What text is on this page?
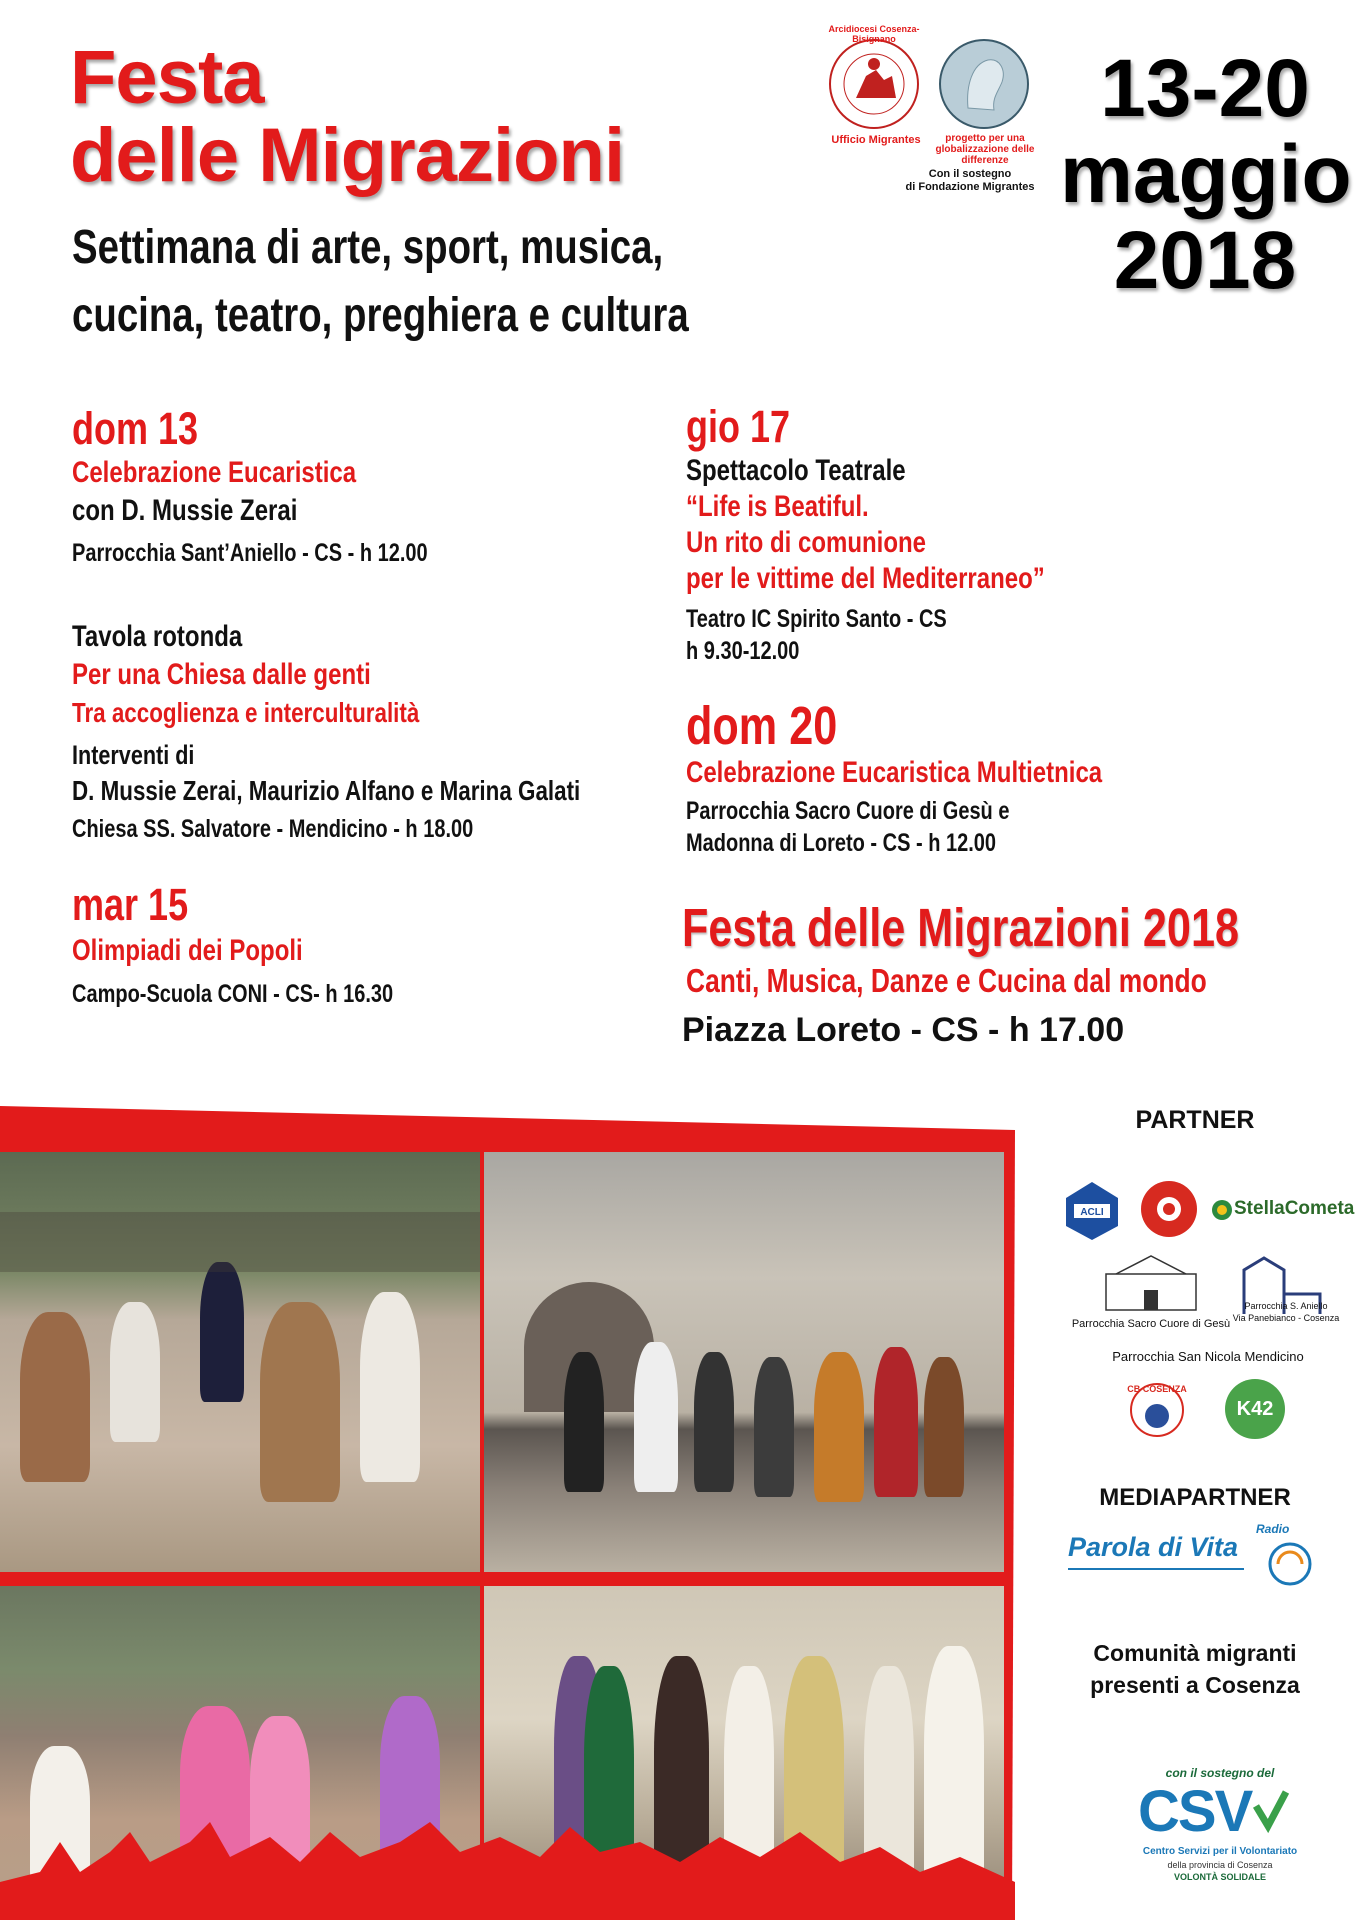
Festa
delle Migrazioni
Settimana di arte, sport, musica,
cucina, teatro, preghiera e cultura
Ufficio Migrantes
Arcidiocesi Cosenza-Bisignano
progetto per una globalizzazione delle differenze
Con il sostegno
di Fondazione Migrantes
13-20
maggio
2018
dom 13
Celebrazione Eucaristica
con D. Mussie Zerai
Parrocchia Sant’Aniello - CS - h 12.00
Tavola rotonda
Per una Chiesa dalle genti
Tra accoglienza e interculturalità
Interventi di
D. Mussie Zerai, Maurizio Alfano e Marina Galati
Chiesa SS. Salvatore - Mendicino - h 18.00
mar 15
Olimpiadi dei Popoli
Campo-Scuola CONI - CS- h 16.30
gio 17
Spettacolo Teatrale
“Life is Beatiful.
Un rito di comunione
per le vittime del Mediterraneo”
Teatro IC Spirito Santo - CS
h 9.30-12.00
dom 20
Celebrazione Eucaristica Multietnica
Parrocchia Sacro Cuore di Gesù e
Madonna di Loreto - CS - h 12.00
Festa delle Migrazioni 2018
Canti, Musica, Danze e Cucina dal mondo
Piazza Loreto - CS - h 17.00
PARTNER
ACLI	StellaCometa
Parrocchia Sacro Cuore di Gesù
Parrocchia S. Aniello
Via Panebianco - Cosenza
Parrocchia San Nicola Mendicino
CB COSENZA
K42
MEDIAPARTNER
Parola di Vita
Radio
Comunità migranti
presenti a Cosenza
con il sostegno del
CSV
Centro Servizi per il Volontariato
della provincia di Cosenza
VOLONTÀ SOLIDALE
